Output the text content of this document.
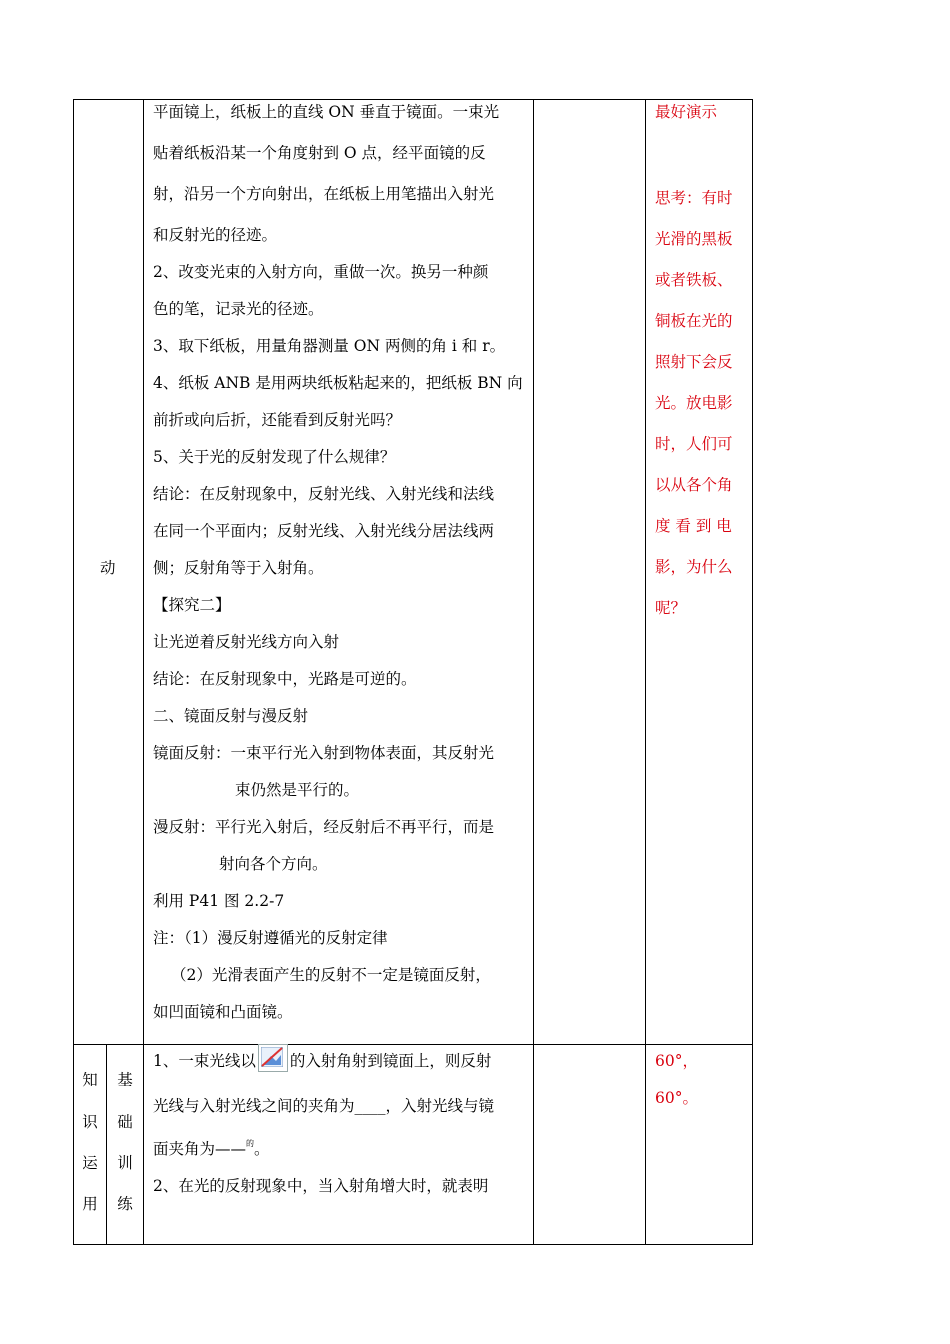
动
平面镜上，纸板上的直线 ON 垂直于镜面。一束光
贴着纸板沿某一个角度射到 O 点，经平面镜的反
射，沿另一个方向射出，在纸板上用笔描出入射光
和反射光的径迹。
2、改变光束的入射方向，重做一次。换另一种颜
色的笔，记录光的径迹。
3、取下纸板，用量角器测量 ON 两侧的角 i 和 r。
4、纸板 ANB 是用两块纸板粘起来的，把纸板 BN 向
前折或向后折，还能看到反射光吗？
5、关于光的反射发现了什么规律？
结论：在反射现象中，反射光线、入射光线和法线
在同一个平面内；反射光线、入射光线分居法线两
侧；反射角等于入射角。
【探究二】
让光逆着反射光线方向入射
结论：在反射现象中，光路是可逆的。
二、镜面反射与漫反射
镜面反射：一束平行光入射到物体表面，其反射光
束仍然是平行的。
漫反射：平行光入射后，经反射后不再平行，而是
射向各个方向。
利用 P41 图 2.2-7
注：（1）漫反射遵循光的反射定律
（2）光滑表面产生的反射不一定是镜面反射，
如凹面镜和凸面镜。
最好演示
思考：有时
光滑的黑板
或者铁板、
铜板在光的
照射下会反
光。放电影
时，人们可
以从各个角
度 看 到 电
影，为什么
呢？
知
识
运
用
基
础
训
练
1、一束光线以 的入射角射到镜面上，则反射
光线与入射光线之间的夹角为____，入射光线与镜
面夹角为——$^的$。
2、在光的反射现象中，当入射角增大时，就表明
60°，
60°。
